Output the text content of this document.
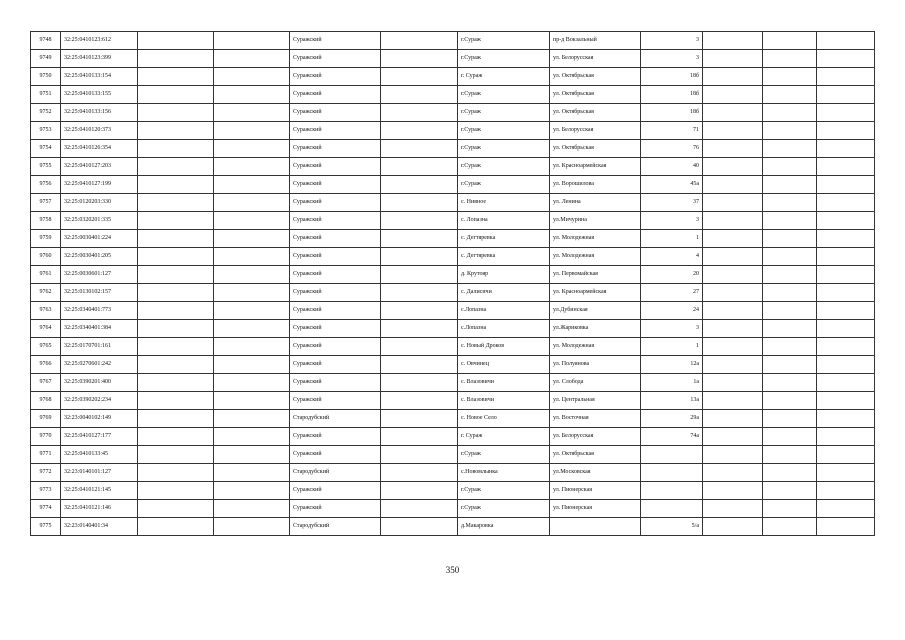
9748	32:25:0410123:612			Суражский		г.Сураж	пр-д Вокзальный	3			
9749	32:25:0410123:399			Суражский		г.Сураж	ул. Белорусская	3			
9750	32:25:0410133:154			Суражский		г. Сураж	ул. Октябрьская	18б			
9751	32:25:0410133:155			Суражский		г.Сураж	ул. Октябрьская	18б			
9752	32:25:0410133:156			Суражский		г.Сураж	ул. Октябрьская	18б			
9753	32:25:0410120:373			Суражский		г.Сураж	ул. Белорусская	71			
9754	32:25:0410126:354			Суражский		г.Сураж	ул. Октябрьская	76			
9755	32:25:0410127:203			Суражский		г.Сураж	ул. Красноармейская	40			
9756	32:25:0410127:199			Суражский		г.Сураж	ул. Ворошилова	45а			
9757	32:25:0120203:330			Суражский		с. Нивное	ул. Ленина	37			
9758	32:25:0320201:335			Суражский		с. Лопазна	ул.Мичурина	3			
9759	32:25:0030401:224			Суражский		с. Дегтяревка	ул. Молодежная	1			
9760	32:25:0030401:205			Суражский		с. Дегтяревка	ул. Молодежная	4			
9761	32:25:0030601:127			Суражский		д. Крутояр	ул. Первомайская	20			
9762	32:25:0130102:157			Суражский		с. Далисичи	ул. Красноармейская	27			
9763	32:25:0340401:773			Суражский		с.Лопазна	ул.Дубинская	24			
9764	32:25:0340401:384			Суражский		с.Лопазна	ул.Жариковка	3			
9765	32:25:0170701:161			Суражский		с. Новый Дроков	ул. Молодежная	1			
9766	32:25:0270601:242			Суражский		с. Овчинец	ул. Полуянова	12а			
9767	32:25:0390201:400			Суражский		с. Влазовичи	ул. Слобода	1а			
9768	32:25:0390202:234			Суражский		с. Влазовичи	ул. Центральная	13а			
9769	32:23:0040102:149			Стародубский		с. Новое Село	ул. Восточная	29а			
9770	32:25:0410127:177			Суражский		г. Сураж	ул. Белорусская	74а			
9771	32:25:0410133:45			Суражский		г.Сураж	ул. Октябрьская				
9772	32:23:0140101:127			Стародубский		с.Новомлынка	ул.Московская				
9773	32:25:0410121:145			Суражский		г.Сураж	ул. Пионерская				
9774	32:25:0410121:146			Суражский		г.Сураж	ул. Пионерская				
9775	32:23:0140401:34			Стародубский		д.Макаровка		5/а			
350
